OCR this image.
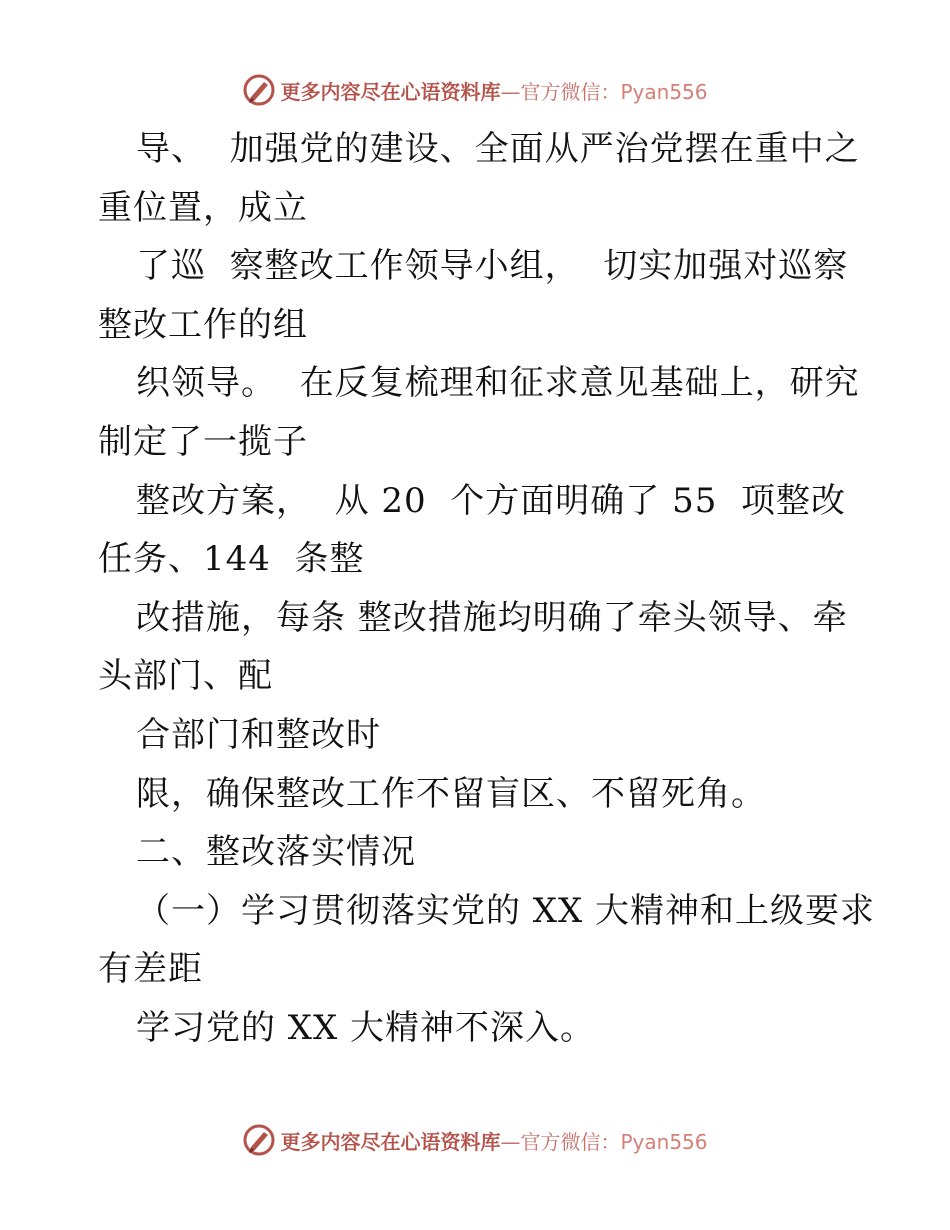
更多内容尽在心语资料库—官方微信：Pyan556
导、  加强党的建设、全面从严治党摆在重中之
重位置，成立
了巡  察整改工作领导小组，  切实加强对巡察
整改工作的组
织领导。  在反复梳理和征求意见基础上，研究
制定了一揽子
整改方案，  从 20  个方面明确了 55  项整改
任务、144  条整
改措施，每条 整改措施均明确了牵头领导、牵
头部门、配
合部门和整改时
限，确保整改工作不留盲区、不留死角。
二、整改落实情况
（一）学习贯彻落实党的 XX 大精神和上级要求
有差距
学习党的 XX 大精神不深入。
更多内容尽在心语资料库—官方微信：Pyan556
